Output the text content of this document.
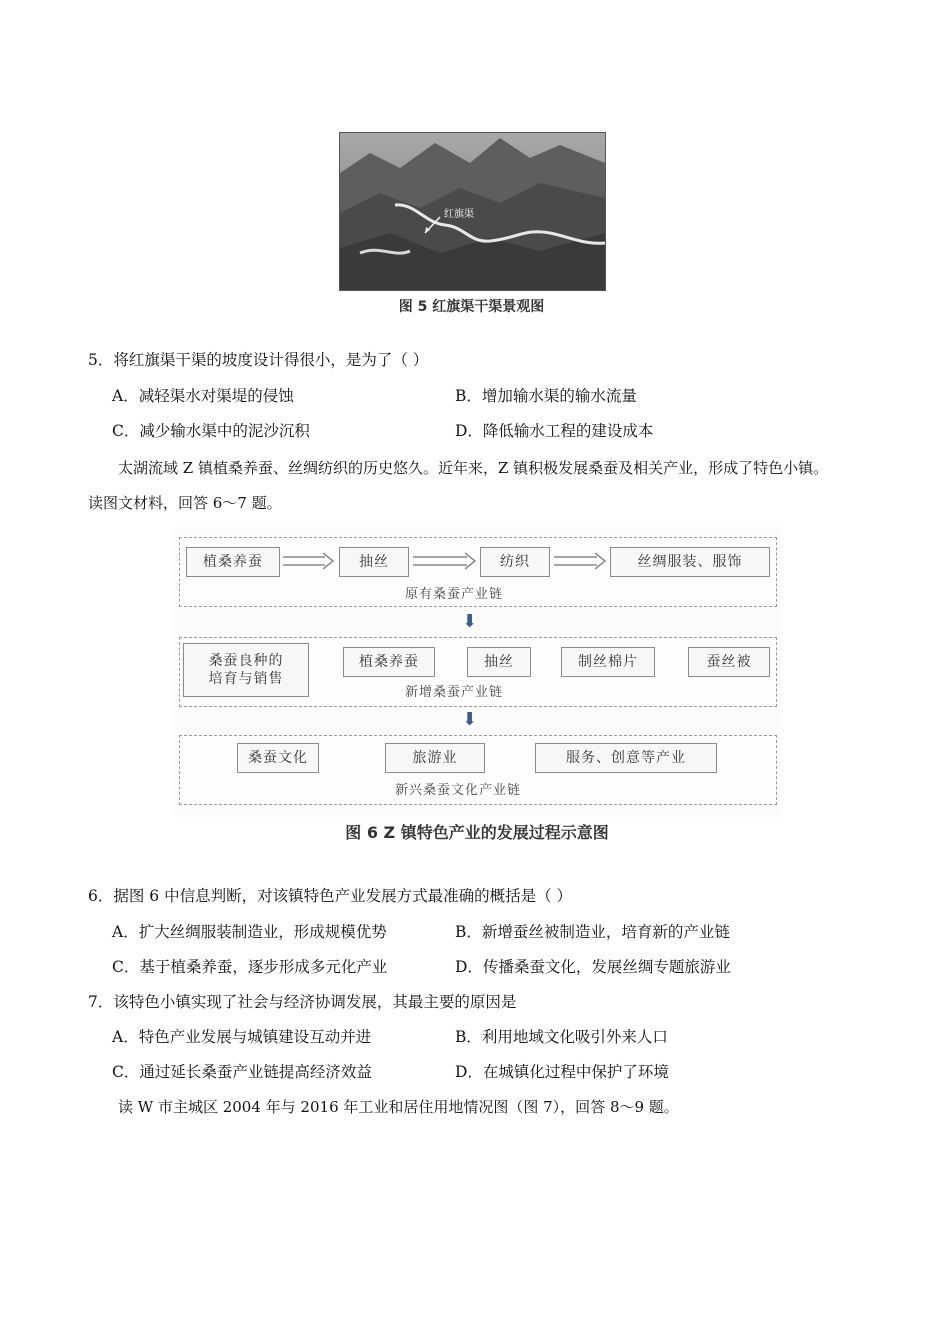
红旗渠
图 5 红旗渠干渠景观图
5．将红旗渠干渠的坡度设计得很小，是为了（ ）
A．减轻渠水对渠堤的侵蚀	B．增加输水渠的输水流量
C．减少输水渠中的泥沙沉积	D．降低输水工程的建设成本
太湖流域 Z 镇植桑养蚕、丝绸纺织的历史悠久。近年来，Z 镇积极发展桑蚕及相关产业，形成了特色小镇。
读图文材料，回答 6～7 题。
植桑养蚕	抽丝	纺织	丝绸服装、服饰
原有桑蚕产业链
⬇
桑蚕良种的
培育与销售
植桑养蚕	抽丝	制丝棉片	蚕丝被
新增桑蚕产业链
⬇
桑蚕文化	旅游业	服务、创意等产业
新兴桑蚕文化产业链
图 6 Z 镇特色产业的发展过程示意图
6．据图 6 中信息判断，对该镇特色产业发展方式最准确的概括是（ ）
A．扩大丝绸服装制造业，形成规模优势	B．新增蚕丝被制造业，培育新的产业链
C．基于植桑养蚕，逐步形成多元化产业	D．传播桑蚕文化，发展丝绸专题旅游业
7．该特色小镇实现了社会与经济协调发展，其最主要的原因是
A．特色产业发展与城镇建设互动并进	B．利用地域文化吸引外来人口
C．通过延长桑蚕产业链提高经济效益	D．在城镇化过程中保护了环境
读 W 市主城区 2004 年与 2016 年工业和居住用地情况图（图 7），回答 8～9 题。
